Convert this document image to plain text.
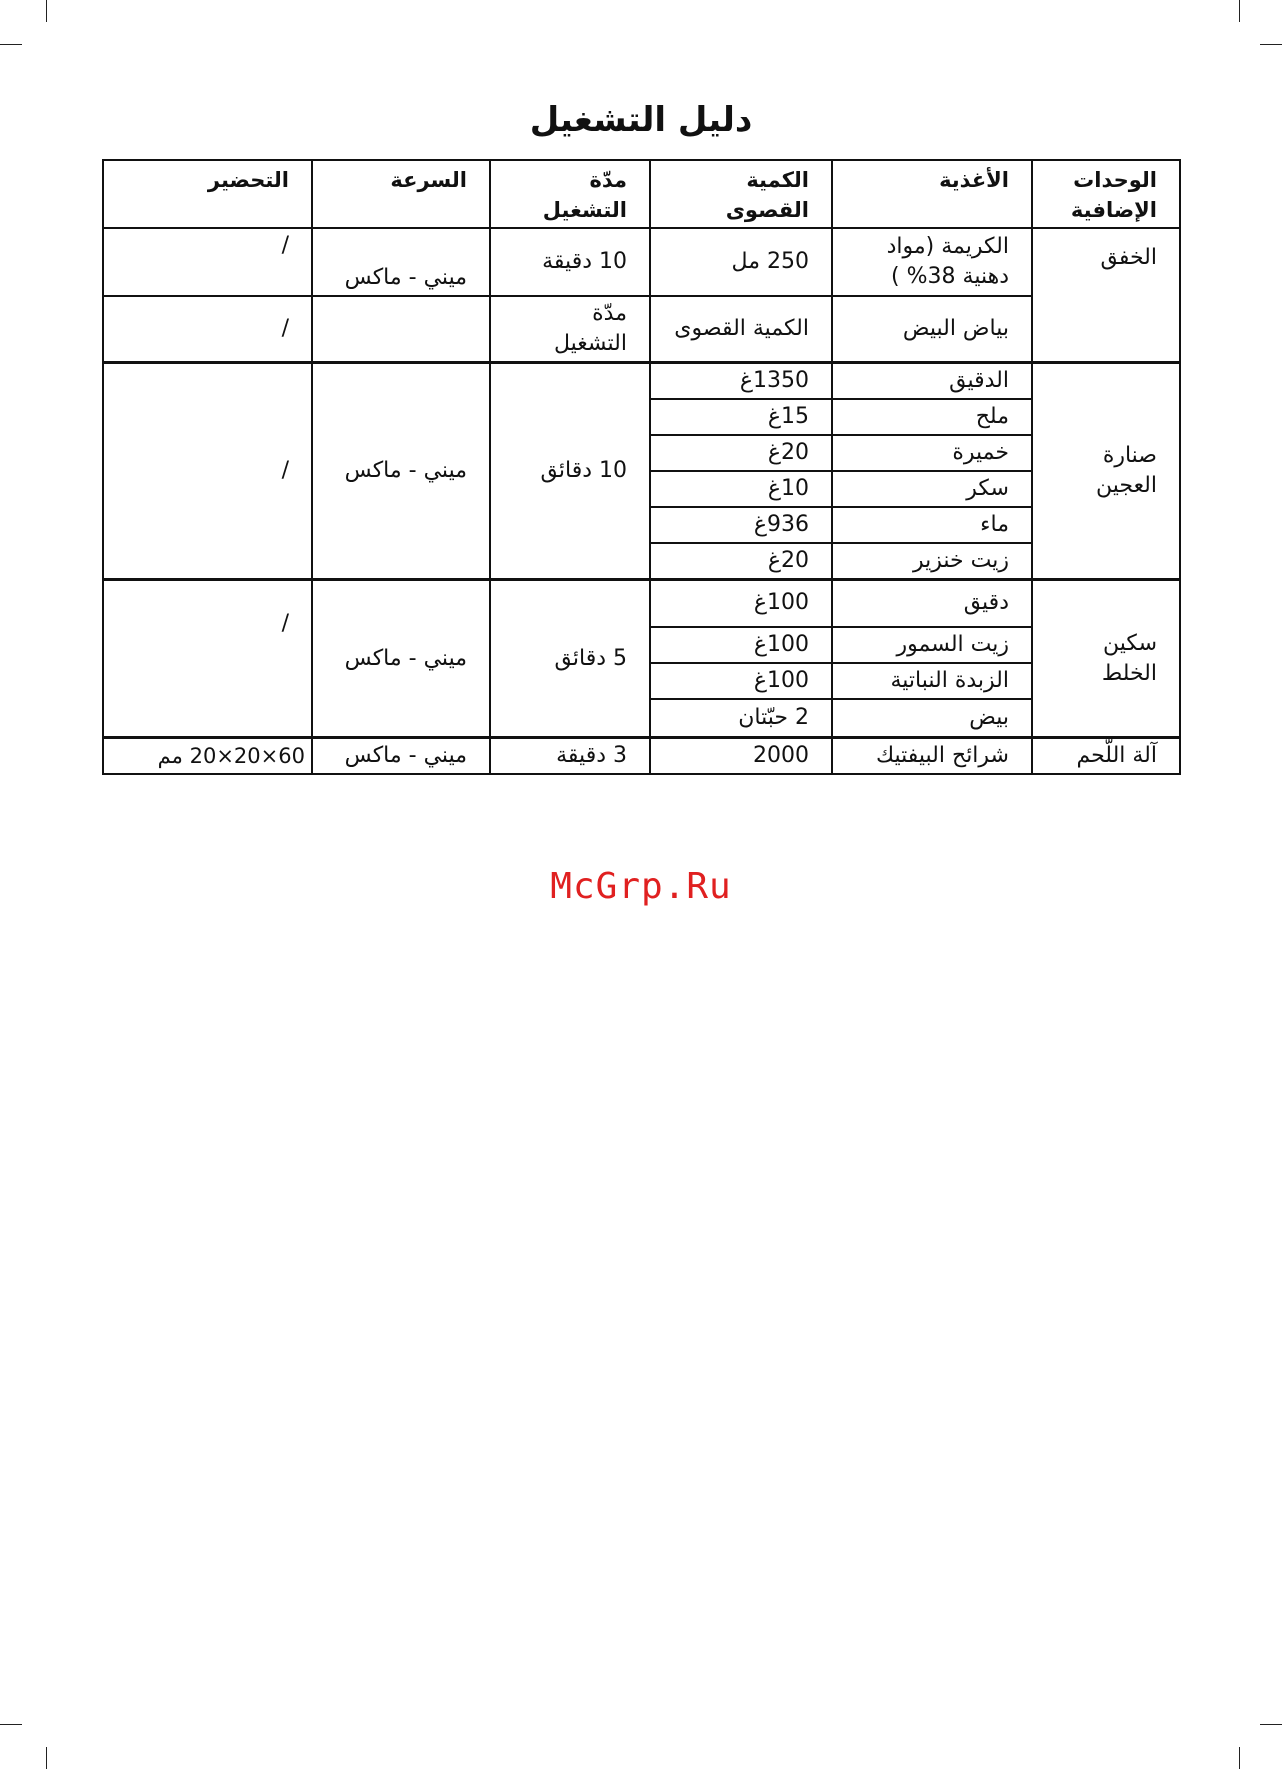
دليل التشغيل
الوحدات الإضافية	الأغذية	الكمية القصوى	مدّة التشغيل	السرعة	التحضير
الخفق	الكريمة (مواد دهنية 38% )	250 مل	10 دقيقة	ميني - ماكس	/
	بياض البيض	الكمية القصوى	مدّة التشغيل		/
صنارة العجين	الدقيق	1350غ	10 دقائق	ميني - ماكس	/
	ملح	15غ			
	خميرة	20غ			
	سكر	10غ			
	ماء	936غ			
	زيت خنزير	20غ			
سكين الخلط	دقيق	100غ	5 دقائق	ميني - ماكس	/
	زيت السمور	100غ			
	الزبدة النباتية	100غ			
	بيض	2 حبّتان			
آلة اللّحم	شرائح البيفتيك	2000	3 دقيقة	ميني - ماكس	60×20×20 مم
McGrp.Ru
